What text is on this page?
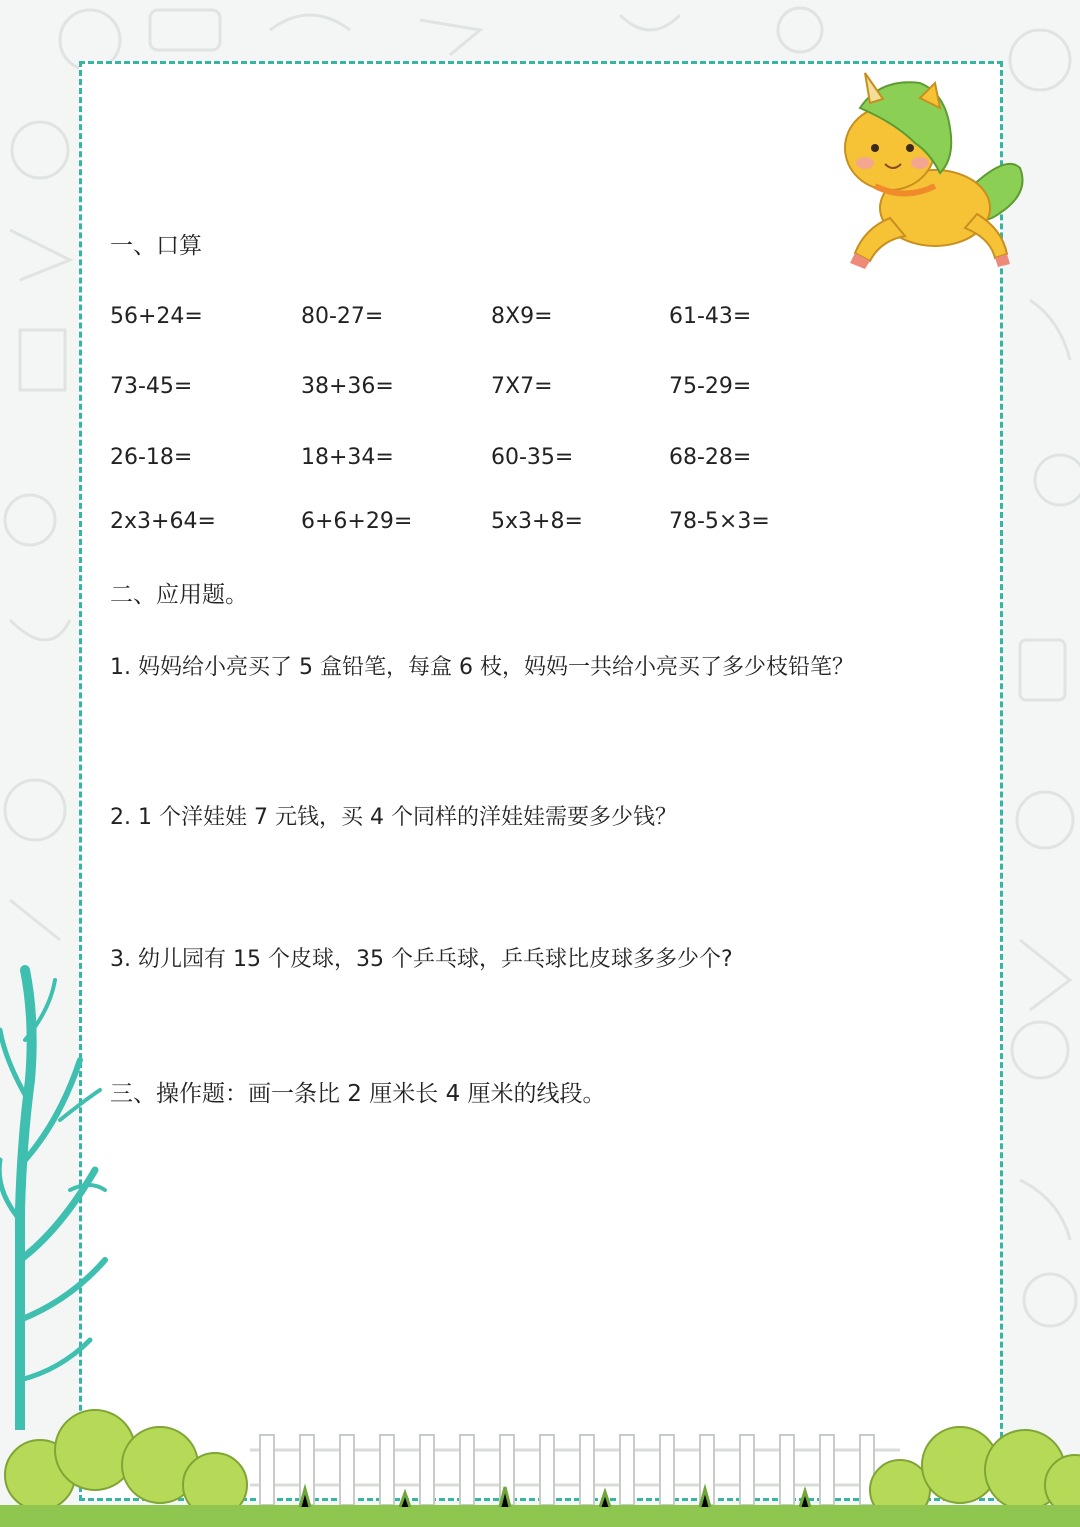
一、口算
56+24=	80-27=	8X9=	61-43=
73-45=	38+36=	7X7=	75-29=
26-18=	18+34=	60-35=	68-28=
2x3+64=	6+6+29=	5x3+8=	78-5×3=
二、应用题。
1. 妈妈给小亮买了 5 盒铅笔，每盒 6 枝，妈妈一共给小亮买了多少枝铅笔？
2. 1 个洋娃娃 7 元钱，买 4 个同样的洋娃娃需要多少钱？
3. 幼儿园有 15 个皮球，35 个乒乓球，乒乓球比皮球多多少个?
三、操作题：画一条比 2 厘米长 4 厘米的线段。
